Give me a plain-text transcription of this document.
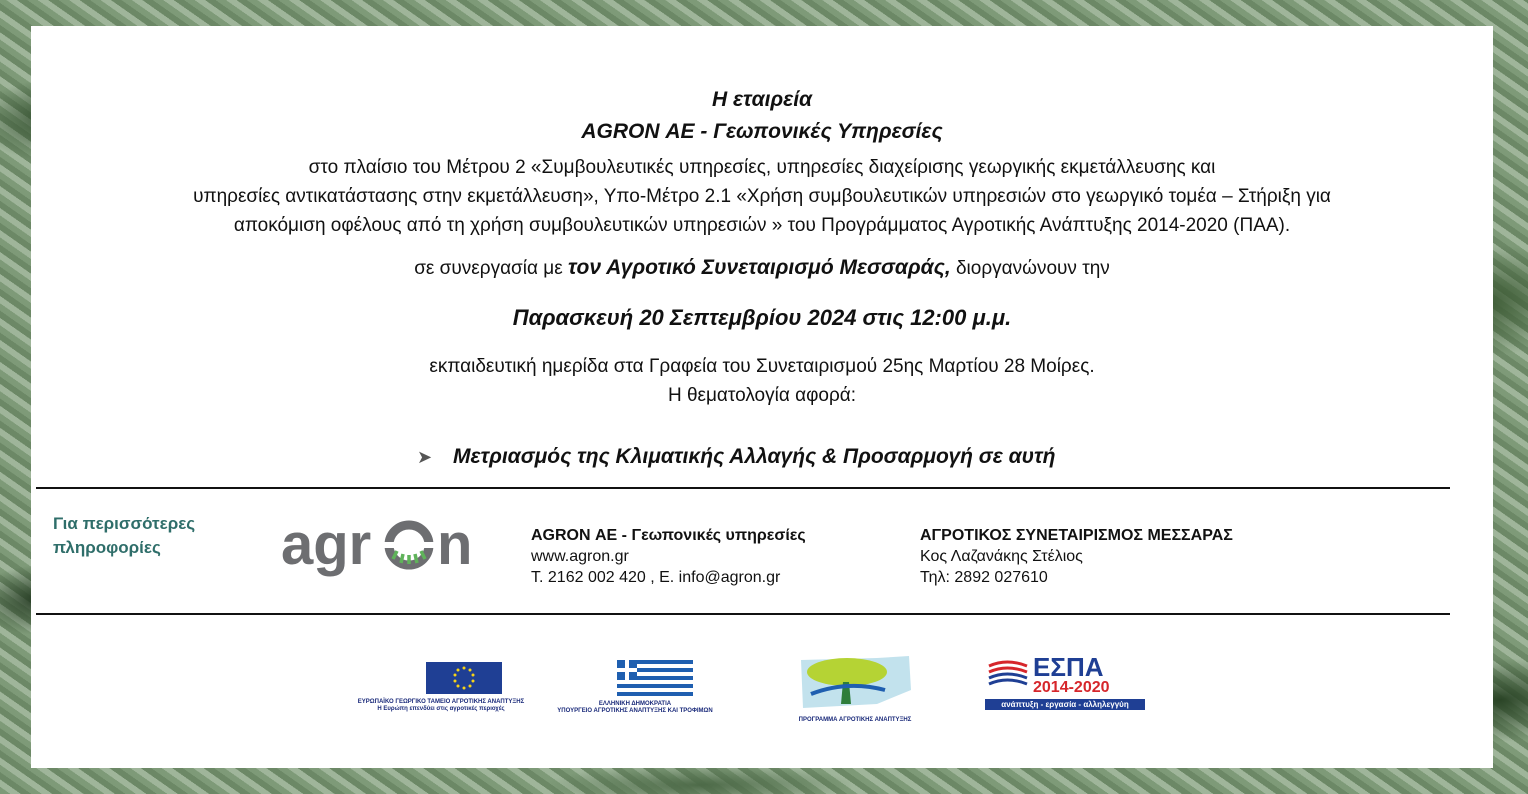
Η εταιρεία
AGRON ΑΕ - Γεωπονικές Υπηρεσίες
στο πλαίσιο του Μέτρου 2 «Συμβουλευτικές υπηρεσίες, υπηρεσίες διαχείρισης γεωργικής εκμετάλλευσης και
υπηρεσίες αντικατάστασης στην εκμετάλλευση», Υπο-Μέτρο 2.1 «Χρήση συμβουλευτικών υπηρεσιών στο γεωργικό τομέα – Στήριξη για
αποκόμιση οφέλους από τη χρήση συμβουλευτικών υπηρεσιών » του Προγράμματος Αγροτικής Ανάπτυξης 2014-2020 (ΠΑΑ).
σε συνεργασία με τον Αγροτικό Συνεταιρισμό Μεσσαράς, διοργανώνουν την
Παρασκευή 20 Σεπτεμβρίου 2024 στις 12:00 μ.μ.
εκπαιδευτική ημερίδα στα Γραφεία του Συνεταιρισμού 25ης Μαρτίου 28 Μοίρες.
Η θεματολογία αφορά:
➤ Μετριασμός της Κλιματικής Αλλαγής & Προσαρμογή σε αυτή
Για περισσότερες
πληροφορίες	agr n	AGRON ΑΕ - Γεωπονικές υπηρεσίες
www.agron.gr
Τ. 2162 002 420 , Ε. info@agron.gr
ΑΓΡΟΤΙΚΟΣ ΣΥΝΕΤΑΙΡΙΣΜΟΣ ΜΕΣΣΑΡΑΣ
Κος Λαζανάκης Στέλιος
Τηλ: 2892 027610
ΕΥΡΩΠΑΪΚΟ ΓΕΩΡΓΙΚΟ ΤΑΜΕΙΟ ΑΓΡΟΤΙΚΗΣ ΑΝΑΠΤΥΞΗΣ
Η Ευρώπη επενδύει στις αγροτικές περιοχές
ΕΛΛΗΝΙΚΗ ΔΗΜΟΚΡΑΤΙΑ
ΥΠΟΥΡΓΕΙΟ ΑΓΡΟΤΙΚΗΣ ΑΝΑΠΤΥΞΗΣ ΚΑΙ ΤΡΟΦΙΜΩΝ
ΠΡΟΓΡΑΜΜΑ ΑΓΡΟΤΙΚΗΣ ΑΝΑΠΤΥΞΗΣ
ΕΣΠΑ
2014-2020
ανάπτυξη - εργασία - αλληλεγγύη
